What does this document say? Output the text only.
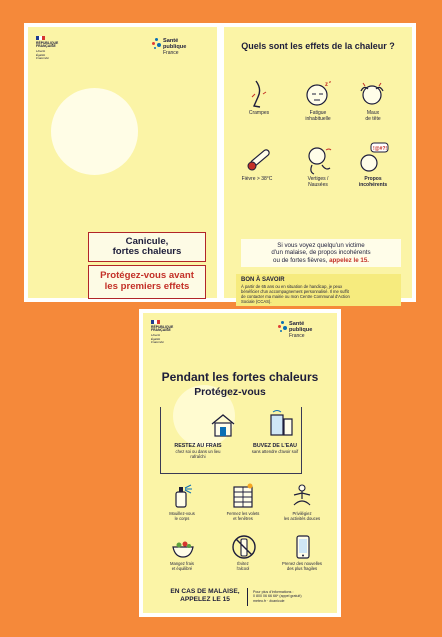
RÉPUBLIQUE
FRANÇAISE
Liberté
Égalité
Fraternité
Santé
publique
France
Canicule,
fortes chaleurs
Protégez-vous avant
les premiers effets
Quels sont les effets de la chaleur ?
z
z
Crampes	Fatigue
inhabituelle
Maux
de tête
!@#?!
Fièvre > 38°C	Vertiges /
Nausées
Propos
incohérents
Si vous voyez quelqu'un victime
d'un malaise, de propos incohérents
ou de fortes fièvres, appelez le 15.
BON À SAVOIR
À partir de 65 ans ou en situation de handicap, je peux
bénéficier d'un accompagnement personnalisé. Il me suffit
de contacter ma mairie ou mon Centre Communal d'Action
Sociale (CCAS).
RÉPUBLIQUE
FRANÇAISE
Liberté
Égalité
Fraternité
Santé
publique
France
Pendant les fortes chaleurs
Protégez-vous
RESTEZ AU FRAIS
chez soi ou dans un lieu rafraîchi
BUVEZ DE L'EAU
sans attendre d'avoir soif
Mouillez-vous
le corps
Fermez les volets
et fenêtres
Privilégiez
les activités douces
Mangez frais
et équilibré
Évitez
l'alcool
Prenez des nouvelles
des plus fragiles
EN CAS DE MALAISE,
APPELEZ LE 15
Pour plus d'informations :
0 800 06 66 66* (appel gratuit)
meteo.fr · #canicule
